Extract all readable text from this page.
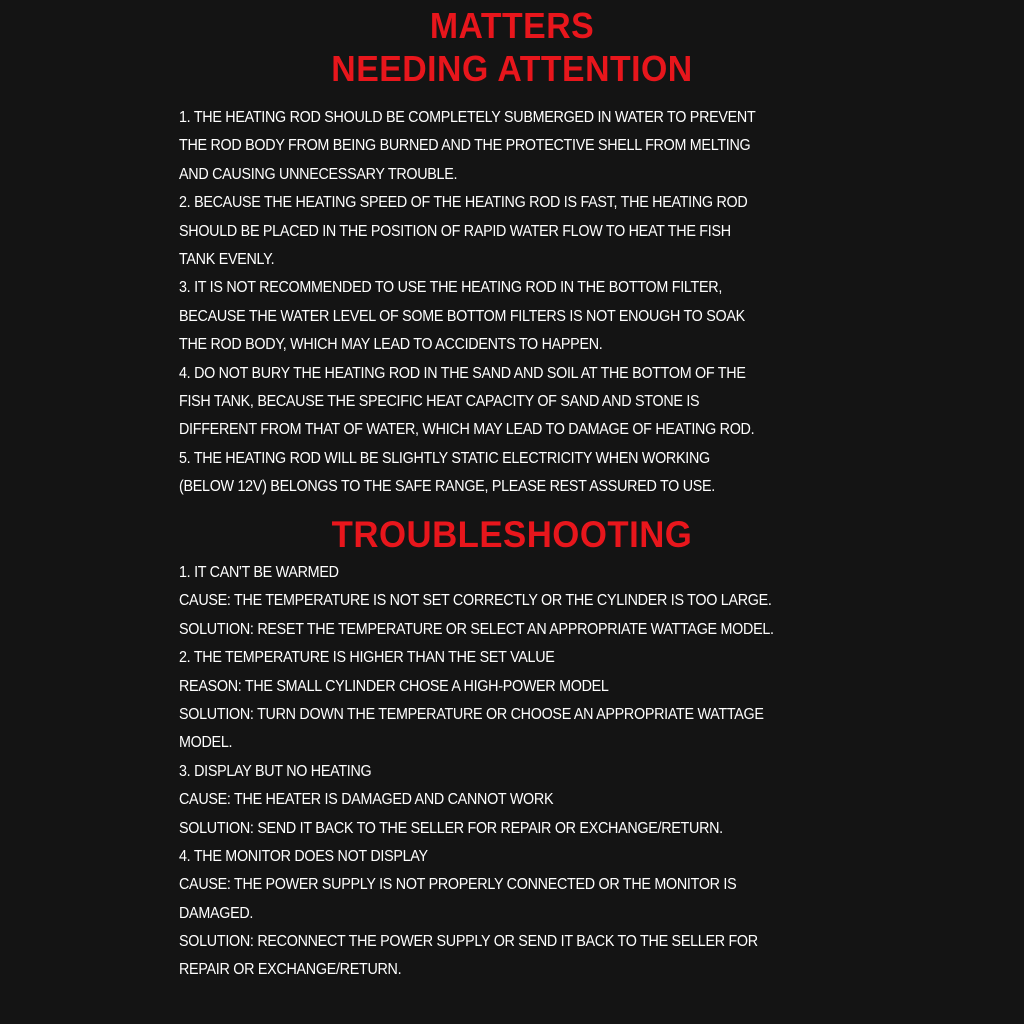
MATTERS
NEEDING ATTENTION
1. THE HEATING ROD SHOULD BE COMPLETELY SUBMERGED IN WATER TO PREVENT
THE ROD BODY FROM BEING BURNED AND THE PROTECTIVE SHELL FROM MELTING
AND CAUSING UNNECESSARY TROUBLE.
2. BECAUSE THE HEATING SPEED OF THE HEATING ROD IS FAST, THE HEATING ROD
SHOULD BE PLACED IN THE POSITION OF RAPID WATER FLOW TO HEAT THE FISH
TANK EVENLY.
3. IT IS NOT RECOMMENDED TO USE THE HEATING ROD IN THE BOTTOM FILTER,
BECAUSE THE WATER LEVEL OF SOME BOTTOM FILTERS IS NOT ENOUGH TO SOAK
THE ROD BODY, WHICH MAY LEAD TO ACCIDENTS TO HAPPEN.
4. DO NOT BURY THE HEATING ROD IN THE SAND AND SOIL AT THE BOTTOM OF THE
FISH TANK, BECAUSE THE SPECIFIC HEAT CAPACITY OF SAND AND STONE IS
DIFFERENT FROM THAT OF WATER, WHICH MAY LEAD TO DAMAGE OF HEATING ROD.
5. THE HEATING ROD WILL BE SLIGHTLY STATIC ELECTRICITY WHEN WORKING
(BELOW 12V) BELONGS TO THE SAFE RANGE, PLEASE REST ASSURED TO USE.
TROUBLESHOOTING
1. IT CAN'T BE WARMED
CAUSE: THE TEMPERATURE IS NOT SET CORRECTLY OR THE CYLINDER IS TOO LARGE.
SOLUTION: RESET THE TEMPERATURE OR SELECT AN APPROPRIATE WATTAGE MODEL.
2. THE TEMPERATURE IS HIGHER THAN THE SET VALUE
REASON: THE SMALL CYLINDER CHOSE A HIGH-POWER MODEL
SOLUTION: TURN DOWN THE TEMPERATURE OR CHOOSE AN APPROPRIATE WATTAGE
MODEL.
3. DISPLAY BUT NO HEATING
CAUSE: THE HEATER IS DAMAGED AND CANNOT WORK
SOLUTION: SEND IT BACK TO THE SELLER FOR REPAIR OR EXCHANGE/RETURN.
4. THE MONITOR DOES NOT DISPLAY
CAUSE: THE POWER SUPPLY IS NOT PROPERLY CONNECTED OR THE MONITOR IS
DAMAGED.
SOLUTION: RECONNECT THE POWER SUPPLY OR SEND IT BACK TO THE SELLER FOR
REPAIR OR EXCHANGE/RETURN.
